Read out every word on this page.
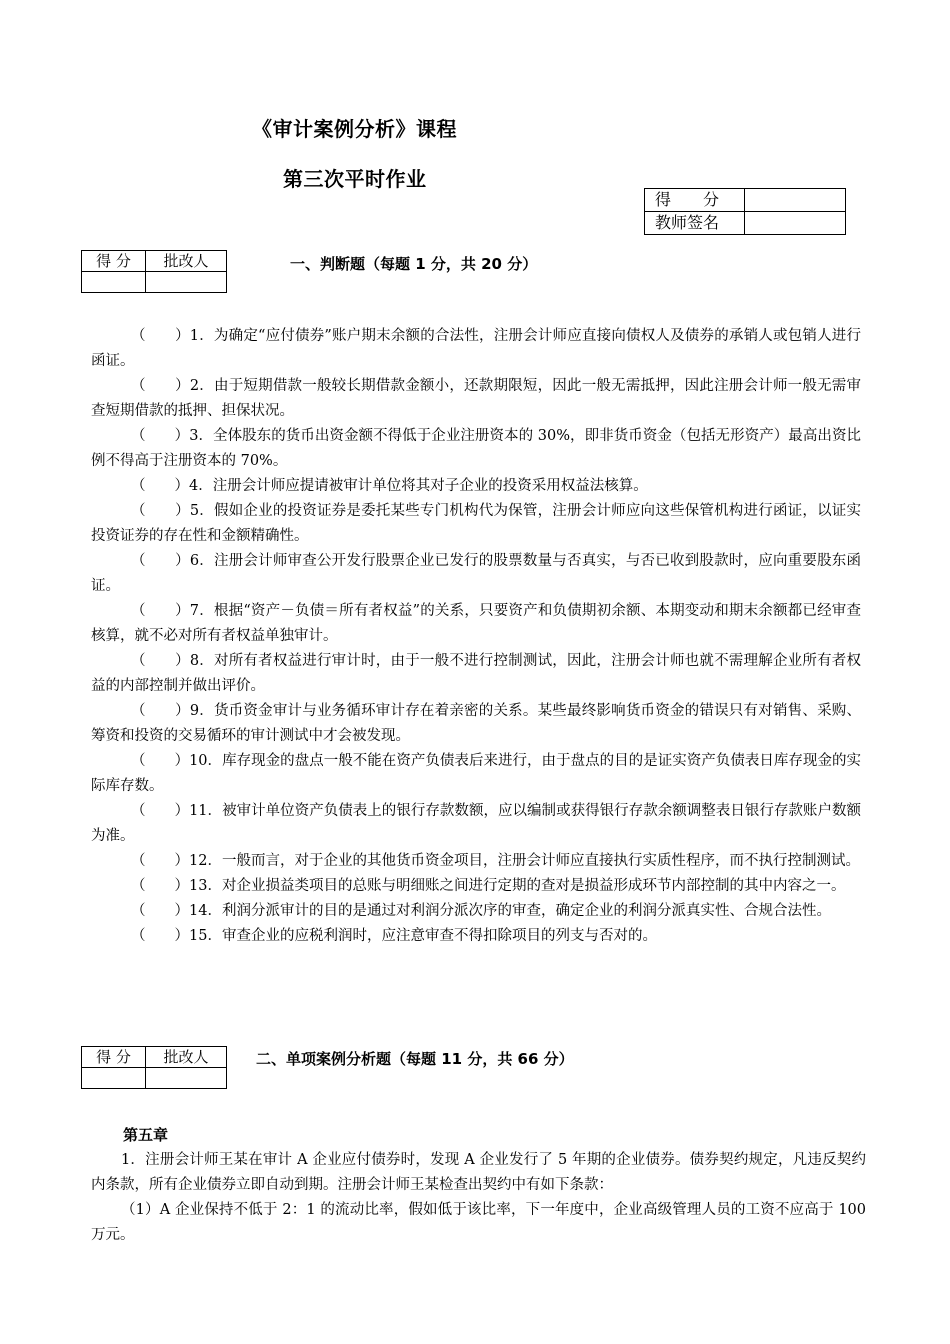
《审计案例分析》课程
第三次平时作业
得　　分	
教师签名	
得 分	批改人
		一、判断题（每题 1 分，共 20 分）

（　　）1．为确定“应付债券”账户期末余额的合法性，注册会计师应直接向债权人及债券的承销人或包销人进行函证。

（　　）2．由于短期借款一般较长期借款金额小，还款期限短，因此一般无需抵押，因此注册会计师一般无需审查短期借款的抵押、担保状况。

（　　）3．全体股东的货币出资金额不得低于企业注册资本的 30%，即非货币资金（包括无形资产）最高出资比例不得高于注册资本的 70%。

（　　）4．注册会计师应提请被审计单位将其对子企业的投资采用权益法核算。

（　　）5．假如企业的投资证券是委托某些专门机构代为保管，注册会计师应向这些保管机构进行函证，以证实投资证券的存在性和金额精确性。

（　　）6．注册会计师审查公开发行股票企业已发行的股票数量与否真实，与否已收到股款时，应向重要股东函证。

（　　）7．根据“资产－负债＝所有者权益”的关系，只要资产和负债期初余额、本期变动和期末余额都已经审查核算，就不必对所有者权益单独审计。

（　　）8．对所有者权益进行审计时，由于一般不进行控制测试，因此，注册会计师也就不需理解企业所有者权益的内部控制并做出评价。

（　　）9．货币资金审计与业务循环审计存在着亲密的关系。某些最终影响货币资金的错误只有对销售、采购、筹资和投资的交易循环的审计测试中才会被发现。

（　　）10．库存现金的盘点一般不能在资产负债表后来进行，由于盘点的目的是证实资产负债表日库存现金的实际库存数。

（　　）11．被审计单位资产负债表上的银行存款数额，应以编制或获得银行存款余额调整表日银行存款账户数额为准。

（　　）12．一般而言，对于企业的其他货币资金项目，注册会计师应直接执行实质性程序，而不执行控制测试。

（　　）13．对企业损益类项目的总账与明细账之间进行定期的查对是损益形成环节内部控制的其中内容之一。

（　　）14．利润分派审计的目的是通过对利润分派次序的审查，确定企业的利润分派真实性、合规合法性。

（　　）15．审查企业的应税利润时，应注意审查不得扣除项目的列支与否对的。

得 分	批改人
		二、单项案例分析题（每题 11 分，共 66 分）
第五章

1．注册会计师王某在审计 A 企业应付债券时，发现 A 企业发行了 5 年期的企业债券。债券契约规定，凡违反契约内条款，所有企业债券立即自动到期。注册会计师王某检查出契约中有如下条款：

（1）A 企业保持不低于 2：1 的流动比率，假如低于该比率，下一年度中，企业高级管理人员的工资不应高于 100 万元。
